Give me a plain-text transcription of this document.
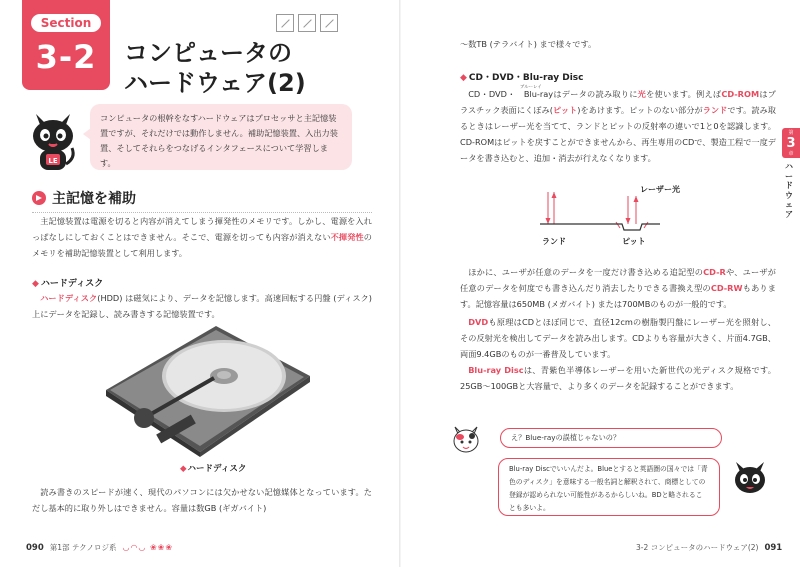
Section
3-2	コンピュータの
ハードウェア(2)
LE
コンピュータの根幹をなすハードウェアはプロセッサと主記憶装置ですが、それだけでは動作しません。補助記憶装置、入出力装置、そしてそれらをつなげるインタフェースについて学習します。
主記憶を補助
主記憶装置は電源を切ると内容が消えてしまう揮発性のメモリです。しかし、電源を入れっぱなしにしておくことはできません。そこで、電源を切っても内容が消えない不揮発性のメモリを補助記憶装置として利用します。
◆ ハードディスク
ハードディスク(HDD) は磁気により、データを記憶します。高速回転する円盤 (ディスク) 上にデータを記録し、読み書きする記憶装置です。
◆ ハードディスク
読み書きのスピードが速く、現代のパソコンには欠かせない記憶媒体となっています。ただし基本的に取り外しはできません。容量は数GB (ギガバイト)
090 第1部 テクノロジ系 ◡◠◡ ❀❀❀
〜数TB (テラバイト) まで様々です。
◆ CD・DVD・Blu-ray Disc
CD・DVD・
ブルーレイ
Blu-rayはデータの読み取りに光を使います。例えばCD-ROMはプラスチック表面にくぼみ(ピット)をあけます。ピットのない部分がランドです。読み取るときはレーザー光を当てて、ランドとピットの反射率の違いで1と0を認識します。CD-ROMはピットを戻すことができませんから、再生専用のCDで、製造工程で一度データを書き込むと、追加・消去が行えなくなります。
レーザー光
ランド	ピット
ほかに、ユーザが任意のデータを一度だけ書き込める追記型のCD-Rや、ユーザが任意のデータを何度でも書き込んだり消去したりできる書換え型のCD-RWもあります。記憶容量は650MB (メガバイト) または700MBのものが一般的です。
DVDも原理はCDとほぼ同じで、直径12cmの樹脂製円盤にレーザー光を照射し、その反射光を検出してデータを読み出します。CDよりも容量が大きく、片面4.7GB、両面9.4GBのものが一番普及しています。
Blu-ray Discは、青紫色半導体レーザーを用いた新世代の光ディスク規格です。25GB〜100GBと大容量で、より多くのデータを記録することができます。
第
3
章
ハードウェア
え？Blue-rayの誤植じゃないの？
Blu-ray Discでいいんだよ。Blueとすると英語圏の国々では「青色のディスク」を意味する一般名詞と解釈されて、商標としての登録が認められない可能性があるからしいね。BDと略されることも多いよ。
3-2 コンピュータのハードウェア(2) 091
